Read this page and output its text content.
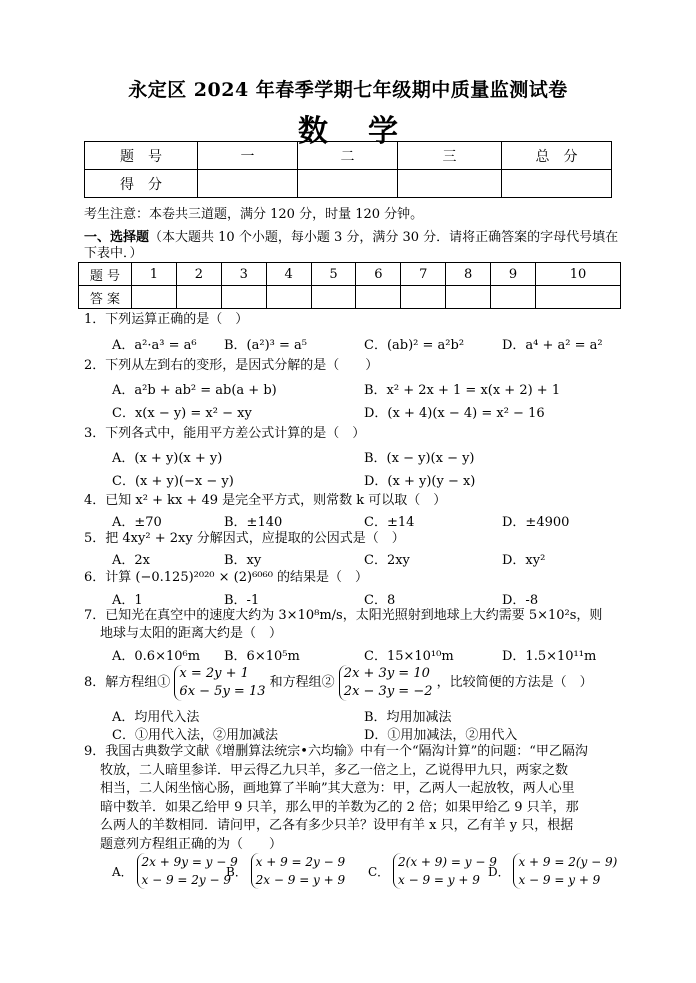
永定区 2024 年春季学期七年级期中质量监测试卷
数学
题　号	一	二	三	总　分
得　分				
考生注意：本卷共三道题，满分 120 分，时量 120 分钟。
一、选择题（本大题共 10 个小题，每小题 3 分，满分 30 分．请将正确答案的字母代号填在下表中．）
题 号	1	2	3	4	5	6	7	8	9	10
答 案										
1．下列运算正确的是（　）
A．a²·a³ = a⁶ B．(a²)³ = a⁵	C．(ab)² = a²b²	D．a⁴ + a² = a²
2．下列从左到右的变形，是因式分解的是（　　）
A．a²b + ab² = ab(a + b)	B．x² + 2x + 1 = x(x + 2) + 1
C．x(x − y) = x² − xy	D．(x + 4)(x − 4) = x² − 16
3．下列各式中，能用平方差公式计算的是（　）
A．(x + y)(x + y)	B．(x − y)(x − y)
C．(x + y)(−x − y)	D．(x + y)(y − x)
4．已知 x² + kx + 49 是完全平方式，则常数 k 可以取（　）
A．±70	B．±140	C．±14	D．±4900
5．把 4xy² + 2xy 分解因式，应提取的公因式是（　）
A．2x	B．xy	C．2xy	D．xy²
6．计算 (−0.125)²⁰²⁰ × (2)⁶⁰⁶⁰ 的结果是（　）
A．1	B．-1	C．8	D．-8
7．已知光在真空中的速度大约为 3×10⁸m/s，太阳光照射到地球上大约需要 5×10²s，则
地球与太阳的距离大约是（　）
A．0.6×10⁶m B．6×10⁵m	C．15×10¹⁰m	D．1.5×10¹¹m
8．解方程组①
x = 2y + 1
6x − 5y = 13
和方程组②
2x + 3y = 10
2x − 3y = −2
，比较简便的方法是（　）
A．均用代入法	B．均用加减法
C．①用代入法，②用加减法	D．①用加减法，②用代入
9．我国古典数学文献《增删算法统宗•六均输》中有一个“隔沟计算”的问题：“甲乙隔沟
牧放，二人暗里参详．甲云得乙九只羊，多乙一倍之上，乙说得甲九只，两家之数
相当，二人闲坐恼心肠，画地算了半晌”其大意为：甲，乙两人一起放牧，两人心里
暗中数羊．如果乙给甲 9 只羊，那么甲的羊数为乙的 2 倍；如果甲给乙 9 只羊，那
么两人的羊数相同．请问甲，乙各有多少只羊？设甲有羊 x 只，乙有羊 y 只，根据
题意列方程组正确的为（　　）
A．
2x + 9y = y − 9
x − 9 = 2y − 9
B．
x + 9 = 2y − 9
2x − 9 = y + 9
C．
2(x + 9) = y − 9
x − 9 = y + 9
D．
x + 9 = 2(y − 9)
x − 9 = y + 9
